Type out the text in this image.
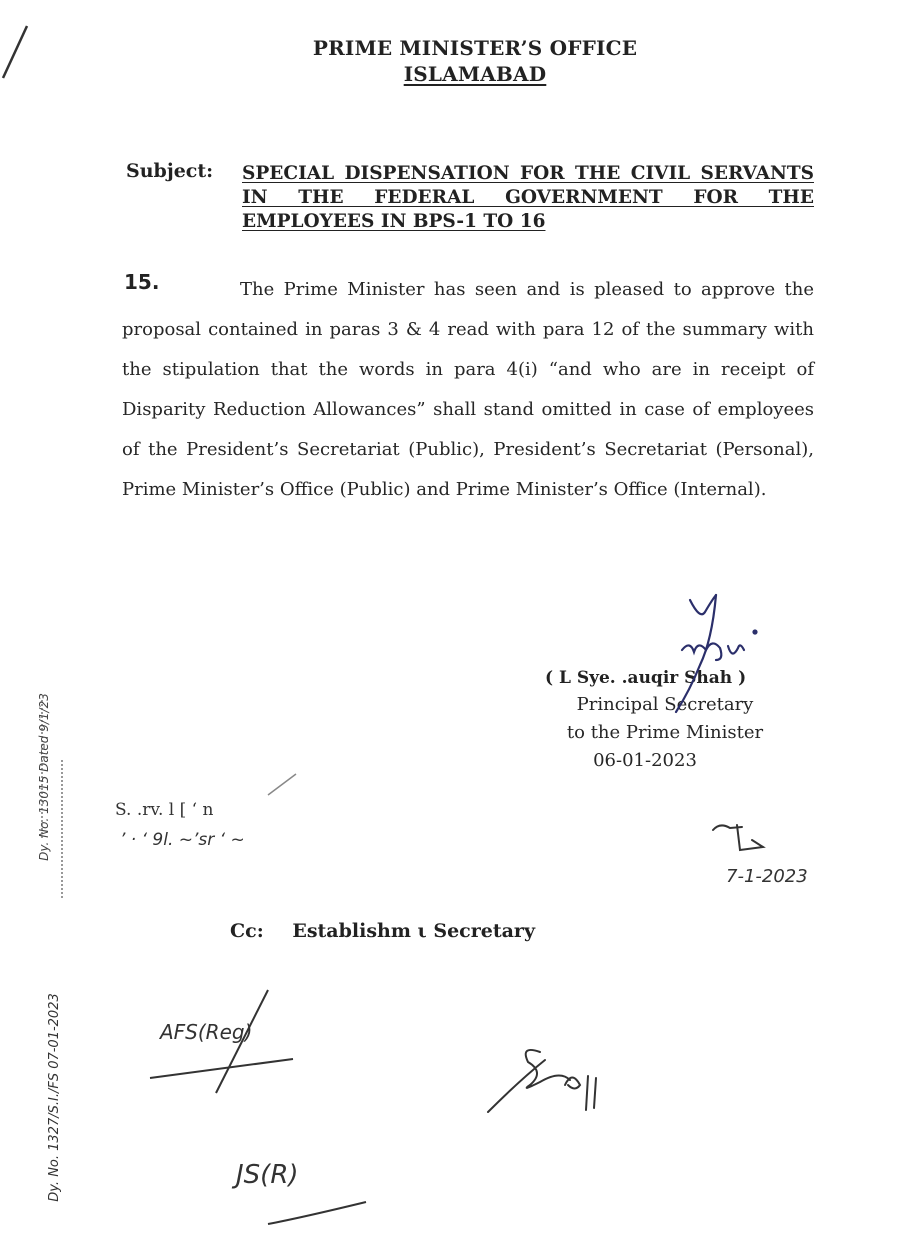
PRIME MINISTER’S OFFICE
ISLAMABAD
Subject: SPECIAL DISPENSATION FOR THE CIVIL SERVANTS IN THE FEDERAL GOVERNMENT FOR THE EMPLOYEES IN BPS-1 TO 16
15.	The Prime Minister has seen and is pleased to approve the proposal contained in paras 3 & 4 read with para 12 of the summary with the stipulation that the words in para 4(i) “and who are in receipt of Disparity Reduction Allowances” shall stand omitted in case of employees of the President’s Secretariat (Public), President’s Secretariat (Personal), Prime Minister’s Office (Public) and Prime Minister’s Office (Internal).
( L Sye. .auqir Shah )
Principal Secretary
to the Prime Minister
06-01-2023
S. .rv. l [ ‘ n
’ · ‘ 9l. ~’sr ‘ ~
Cc: Establishm ι Secretary
7-1-2023
AFS(Reg)
JS(R)
Dy. No. 13015 Dated 9/1/23
Dy. No. 1327/S.I./FS 07-01-2023
